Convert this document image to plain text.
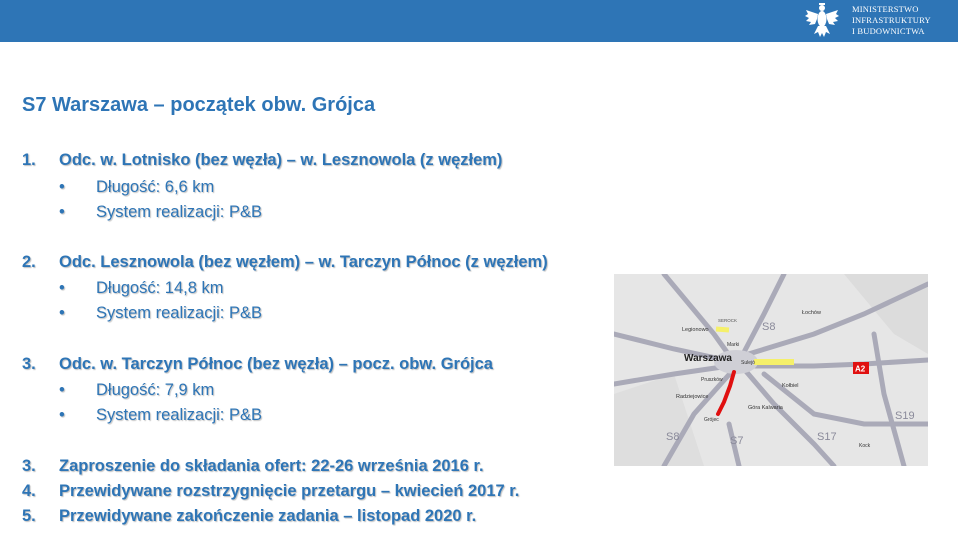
MINISTERSTWO
INFRASTRUKTURY
I BUDOWNICTWA
S7 Warszawa – początek obw. Grójca
1. Odc. w. Lotnisko (bez węzła) – w. Lesznowola (z węzłem)
• Długość: 6,6 km
• System realizacji: P&B
2. Odc. Lesznowola (bez węzłem) – w. Tarczyn Północ (z węzłem)
• Długość: 14,8 km
• System realizacji: P&B
3. Odc. w. Tarczyn Północ (bez węzła) – pocz. obw. Grójca
• Długość: 7,9 km
• System realizacji: P&B
3. Zaproszenie do składania ofert: 22-26 września 2016 r.
4. Przewidywane rozstrzygnięcie przetargu – kwiecień 2017 r.
5. Przewidywane zakończenie zadania – listopad 2020 r.
S8
A2
S8	S7	S17
S19
Legionowo
SEROCK
Łochów
Marki
Warszawa Sulejó
Pruszków
Kołbiel
Radziejowice
Góra Kalwaria
Grójec
Kock
